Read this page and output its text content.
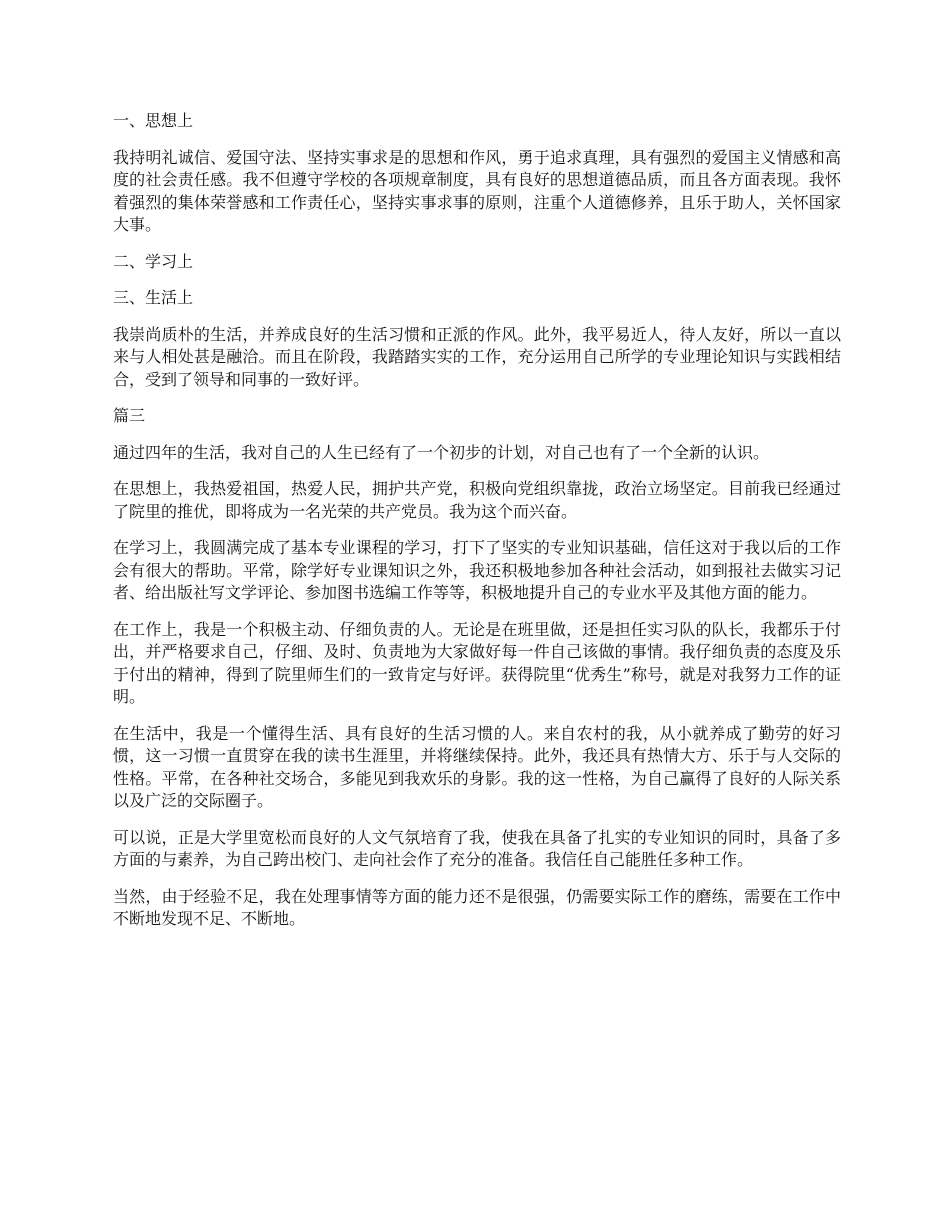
一、思想上

我持明礼诚信、爱国守法、坚持实事求是的思想和作风，勇于追求真理，具有强烈的爱国主义情感和高度的社会责任感。我不但遵守学校的各项规章制度，具有良好的思想道德品质，而且各方面表现。我怀着强烈的集体荣誉感和工作责任心，坚持实事求事的原则，注重个人道德修养，且乐于助人，关怀国家大事。

二、学习上

三、生活上

我崇尚质朴的生活，并养成良好的生活习惯和正派的作风。此外，我平易近人，待人友好，所以一直以来与人相处甚是融洽。而且在阶段，我踏踏实实的工作，充分运用自己所学的专业理论知识与实践相结合，受到了领导和同事的一致好评。

篇三

通过四年的生活，我对自己的人生已经有了一个初步的计划，对自己也有了一个全新的认识。

在思想上，我热爱祖国，热爱人民，拥护共产党，积极向党组织靠拢，政治立场坚定。目前我已经通过了院里的推优，即将成为一名光荣的共产党员。我为这个而兴奋。

在学习上，我圆满完成了基本专业课程的学习，打下了坚实的专业知识基础，信任这对于我以后的工作会有很大的帮助。平常，除学好专业课知识之外，我还积极地参加各种社会活动，如到报社去做实习记者、给出版社写文学评论、参加图书选编工作等等，积极地提升自己的专业水平及其他方面的能力。

在工作上，我是一个积极主动、仔细负责的人。无论是在班里做，还是担任实习队的队长，我都乐于付出，并严格要求自己，仔细、及时、负责地为大家做好每一件自己该做的事情。我仔细负责的态度及乐于付出的精神，得到了院里师生们的一致肯定与好评。获得院里“优秀生”称号，就是对我努力工作的证明。

在生活中，我是一个懂得生活、具有良好的生活习惯的人。来自农村的我，从小就养成了勤劳的好习惯，这一习惯一直贯穿在我的读书生涯里，并将继续保持。此外，我还具有热情大方、乐于与人交际的性格。平常，在各种社交场合，多能见到我欢乐的身影。我的这一性格，为自己赢得了良好的人际关系以及广泛的交际圈子。

可以说，正是大学里宽松而良好的人文气氛培育了我，使我在具备了扎实的专业知识的同时，具备了多方面的与素养，为自己跨出校门、走向社会作了充分的准备。我信任自己能胜任多种工作。

当然，由于经验不足，我在处理事情等方面的能力还不是很强，仍需要实际工作的磨练，需要在工作中不断地发现不足、不断地。
